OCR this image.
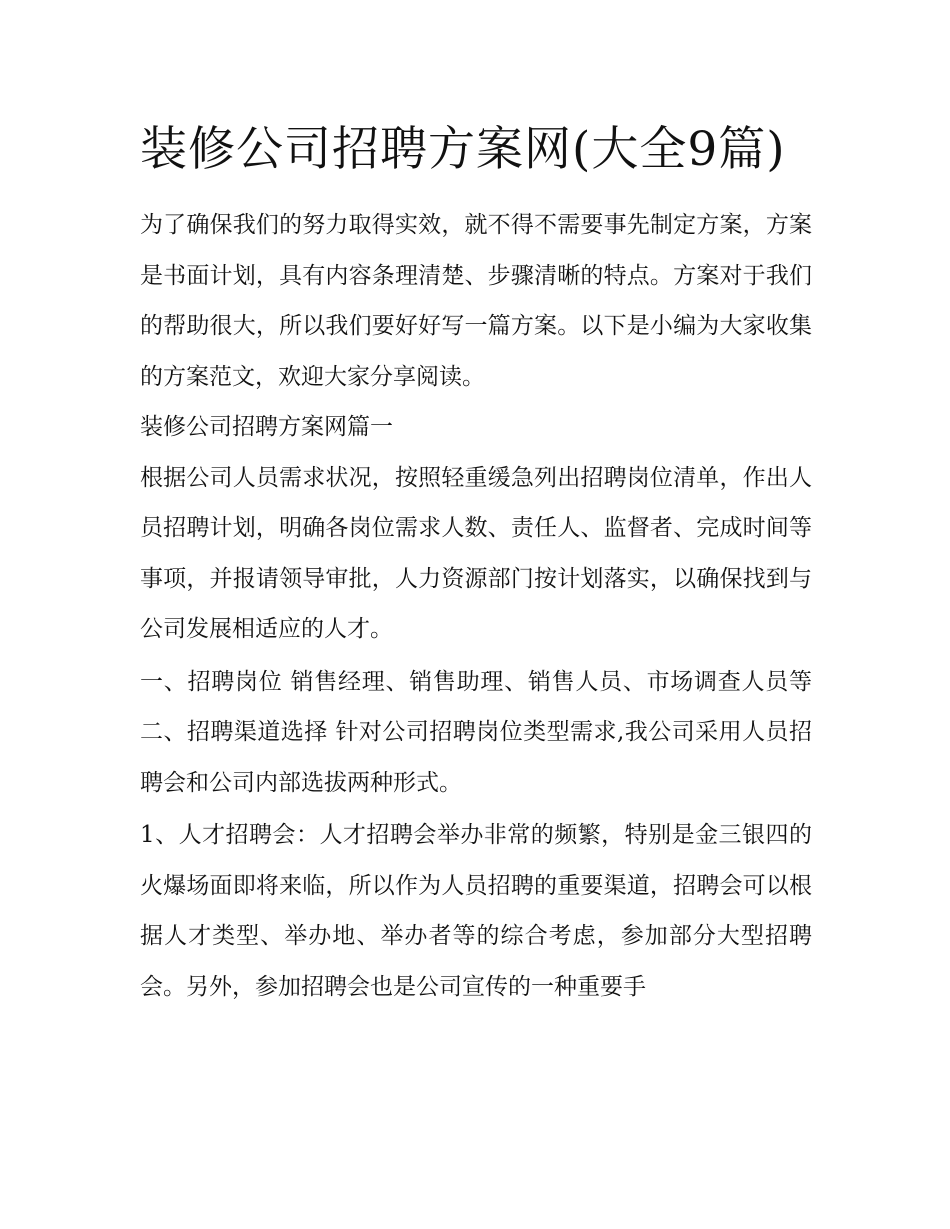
装修公司招聘方案网(大全9篇)

为了确保我们的努力取得实效，就不得不需要事先制定方案，方案是书面计划，具有内容条理清楚、步骤清晰的特点。方案对于我们的帮助很大，所以我们要好好写一篇方案。以下是小编为大家收集的方案范文，欢迎大家分享阅读。

装修公司招聘方案网篇一

根据公司人员需求状况，按照轻重缓急列出招聘岗位清单，作出人员招聘计划，明确各岗位需求人数、责任人、监督者、完成时间等事项，并报请领导审批，人力资源部门按计划落实，以确保找到与公司发展相适应的人才。

一、招聘岗位 销售经理、销售助理、销售人员、市场调查人员等 二、招聘渠道选择 针对公司招聘岗位类型需求,我公司采用人员招聘会和公司内部选拔两种形式。

1、人才招聘会：人才招聘会举办非常的频繁，特别是金三银四的火爆场面即将来临，所以作为人员招聘的重要渠道，招聘会可以根据人才类型、举办地、举办者等的综合考虑，参加部分大型招聘会。另外，参加招聘会也是公司宣传的一种重要手
